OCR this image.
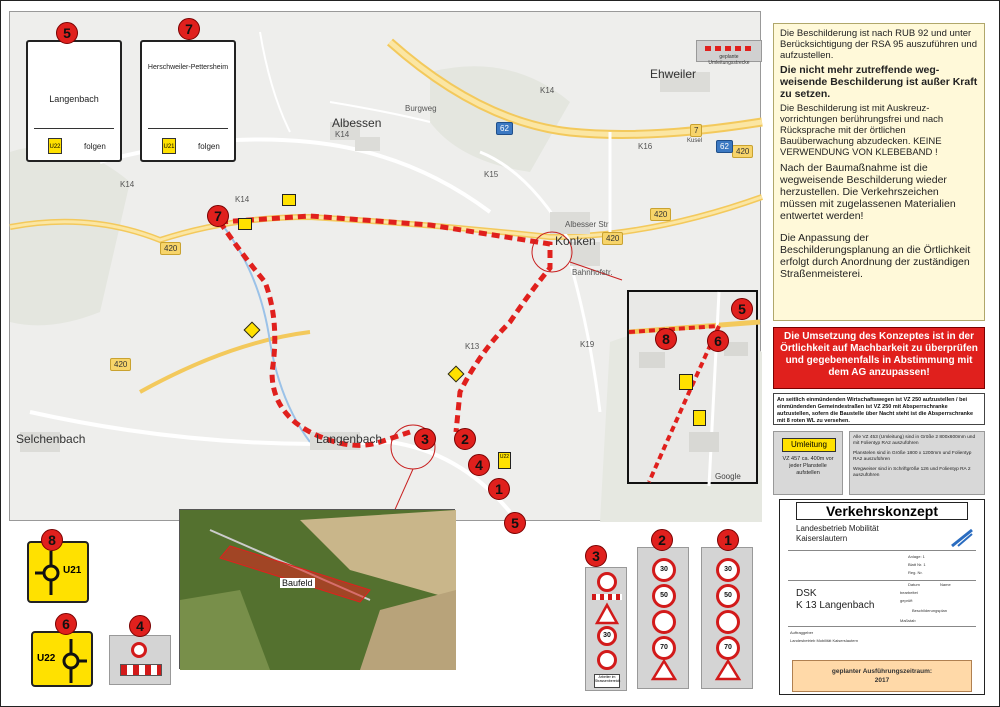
Albessen
Konken
Langenbach
Selchenbach
Ehweiler
Kusel
K14
K14
K14
K14
K15
K16
K19
K13
Burgweg
Albesser Str
Bahnhofstr.
420
420
420
420
420
62
62
7
geplante Umleitungsstrecke
U22
7
3	2
4
1
5
Langenbach
U22	folgen
5
Herschweiler-Pettersheim
U21	folgen
7
5
8	6
Google
Baufeld
U21
8
U22
6	4
30
Arbeiter im Strassenbereich
3
30
50
70
2
30
50
70
1

Die Beschilderung ist nach RUB 92 und unter Berücksichtigung der RSA 95 auszuführen und aufzustellen.

Die nicht mehr zutreffende weg-weisende Beschilderung ist außer Kraft zu setzen.

Die Beschilderung ist mit Auskreuz-vorrichtungen berührungsfrei und nach Rücksprache mit der örtlichen Bauüberwachung abzudecken. KEINE VERWENDUNG VON KLEBEBAND !

Nach der Baumaßnahme ist die wegweisende Beschilderung wieder herzustellen. Die Verkehrszeichen müssen mit zugelassenen Materialien entwertet werden!

Die Anpassung der Beschilderungsplanung an die Örtlichkeit erfolgt durch Anordnung der zuständigen Straßenmeisterei.

Die Umsetzung des Konzeptes ist in der Örtlichkeit auf Machbarkeit zu überprüfen und gegebenenfalls in Abstimmung mit dem AG anzupassen!
An seitlich einmündenden Wirtschaftswegen ist VZ 250 aufzustellen / bei einmündenden Gemeindestraßen ist VZ 250 mit Absperrschranke aufzustellen, sofern die Baustelle über Nacht steht ist die Absperrschranke mit 8 roten WL zu versehen.
Umleitung
VZ 457 ca. 400m vor jeder Planstelle aufstellen

Alle VZ 453 (Umleitung) sind in Größe 2 800x600mm und mit Folientyp RA2 auszuführen

Planstelen sind in Größe 1800 x 1200mm und Folientyp RA2 auszuführen

Wegweiser sind in Schriftgröße 126 und Folientyp RA 2 auszuführen

Verkehrskonzept
Landesbetrieb Mobilität
Kaiserslautern
Anlage: 1
Blatt Nr. 1
Reg. Nr.
Datum	Name
bearbeitet
geprüft
Beschilderungsplan
Maßstab
DSK
K 13 Langenbach
Auftraggeber
Landesbetrieb Mobilität Kaiserslautern
geplanter Ausführungszeitraum:
2017
